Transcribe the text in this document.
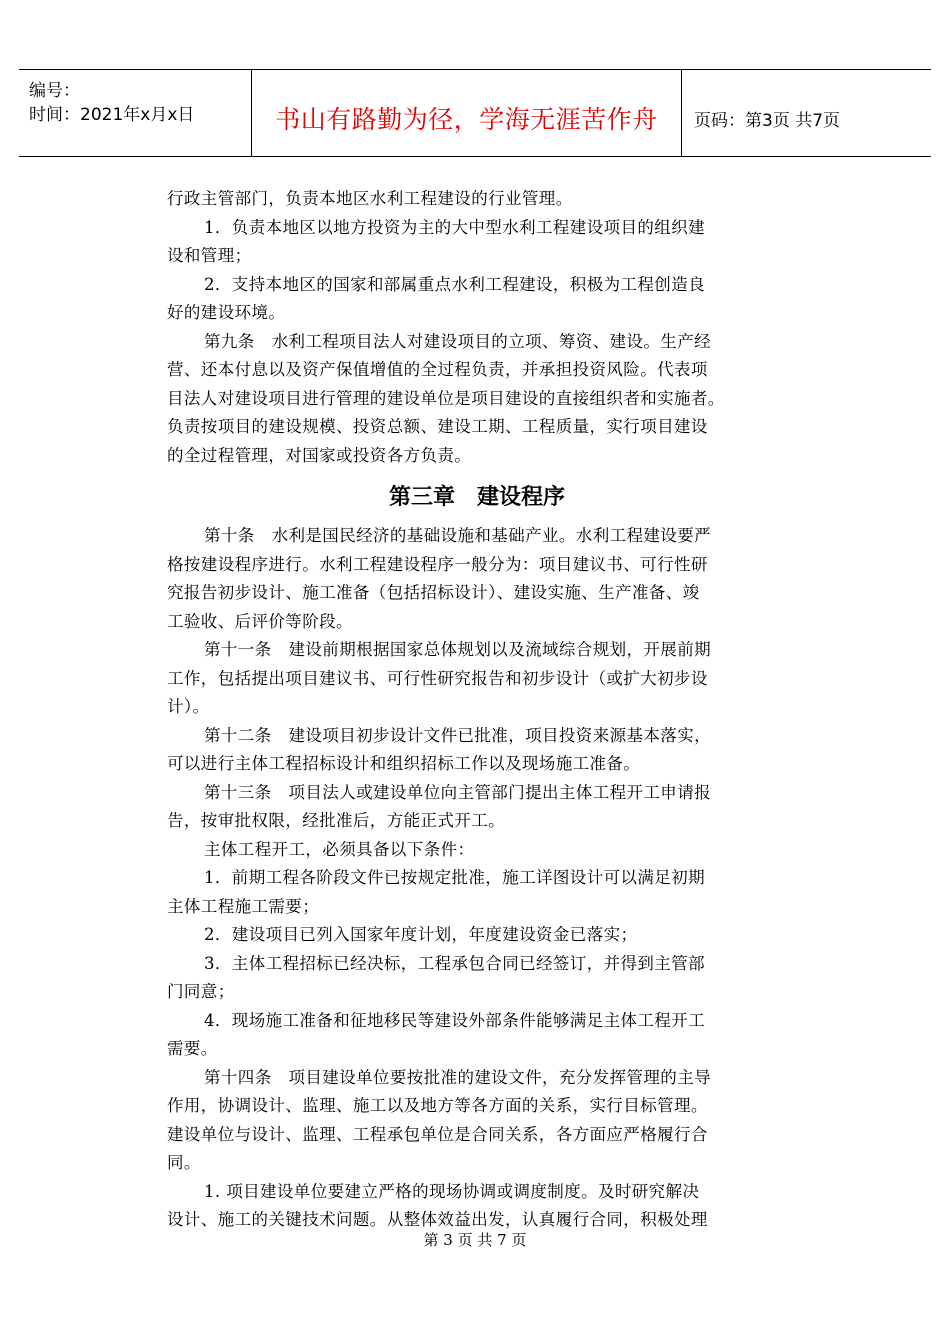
编号：
时间：2021年x月x日	书山有路勤为径，学海无涯苦作舟	页码：第3页 共7页
行政主管部门，负责本地区水利工程建设的行业管理。
1．负责本地区以地方投资为主的大中型水利工程建设项目的组织建
设和管理；
2．支持本地区的国家和部属重点水利工程建设，积极为工程创造良
好的建设环境。
第九条　水利工程项目法人对建设项目的立项、筹资、建设。生产经
营、还本付息以及资产保值增值的全过程负责，并承担投资风险。代表项
目法人对建设项目进行管理的建设单位是项目建设的直接组织者和实施者。
负责按项目的建设规模、投资总额、建设工期、工程质量，实行项目建设
的全过程管理，对国家或投资各方负责。
第三章　建设程序
第十条　水利是国民经济的基础设施和基础产业。水利工程建设要严
格按建设程序进行。水利工程建设程序一般分为：项目建议书、可行性研
究报告初步设计、施工准备（包括招标设计）、建设实施、生产准备、竣
工验收、后评价等阶段。
第十一条　建设前期根据国家总体规划以及流域综合规划，开展前期
工作，包括提出项目建议书、可行性研究报告和初步设计（或扩大初步设
计）。
第十二条　建设项目初步设计文件已批准，项目投资来源基本落实，
可以进行主体工程招标设计和组织招标工作以及现场施工准备。
第十三条　项目法人或建设单位向主管部门提出主体工程开工申请报
告，按审批权限，经批准后，方能正式开工。
主体工程开工，必须具备以下条件：
1．前期工程各阶段文件已按规定批准，施工详图设计可以满足初期
主体工程施工需要；
2．建设项目已列入国家年度计划，年度建设资金已落实；
3．主体工程招标已经决标，工程承包合同已经签订，并得到主管部
门同意；
4．现场施工准备和征地移民等建设外部条件能够满足主体工程开工
需要。
第十四条　项目建设单位要按批准的建设文件，充分发挥管理的主导
作用，协调设计、监理、施工以及地方等各方面的关系，实行目标管理。
建设单位与设计、监理、工程承包单位是合同关系，各方面应严格履行合
同。
1. 项目建设单位要建立严格的现场协调或调度制度。及时研究解决
设计、施工的关键技术问题。从整体效益出发，认真履行合同，积极处理
第 3 页 共 7 页
